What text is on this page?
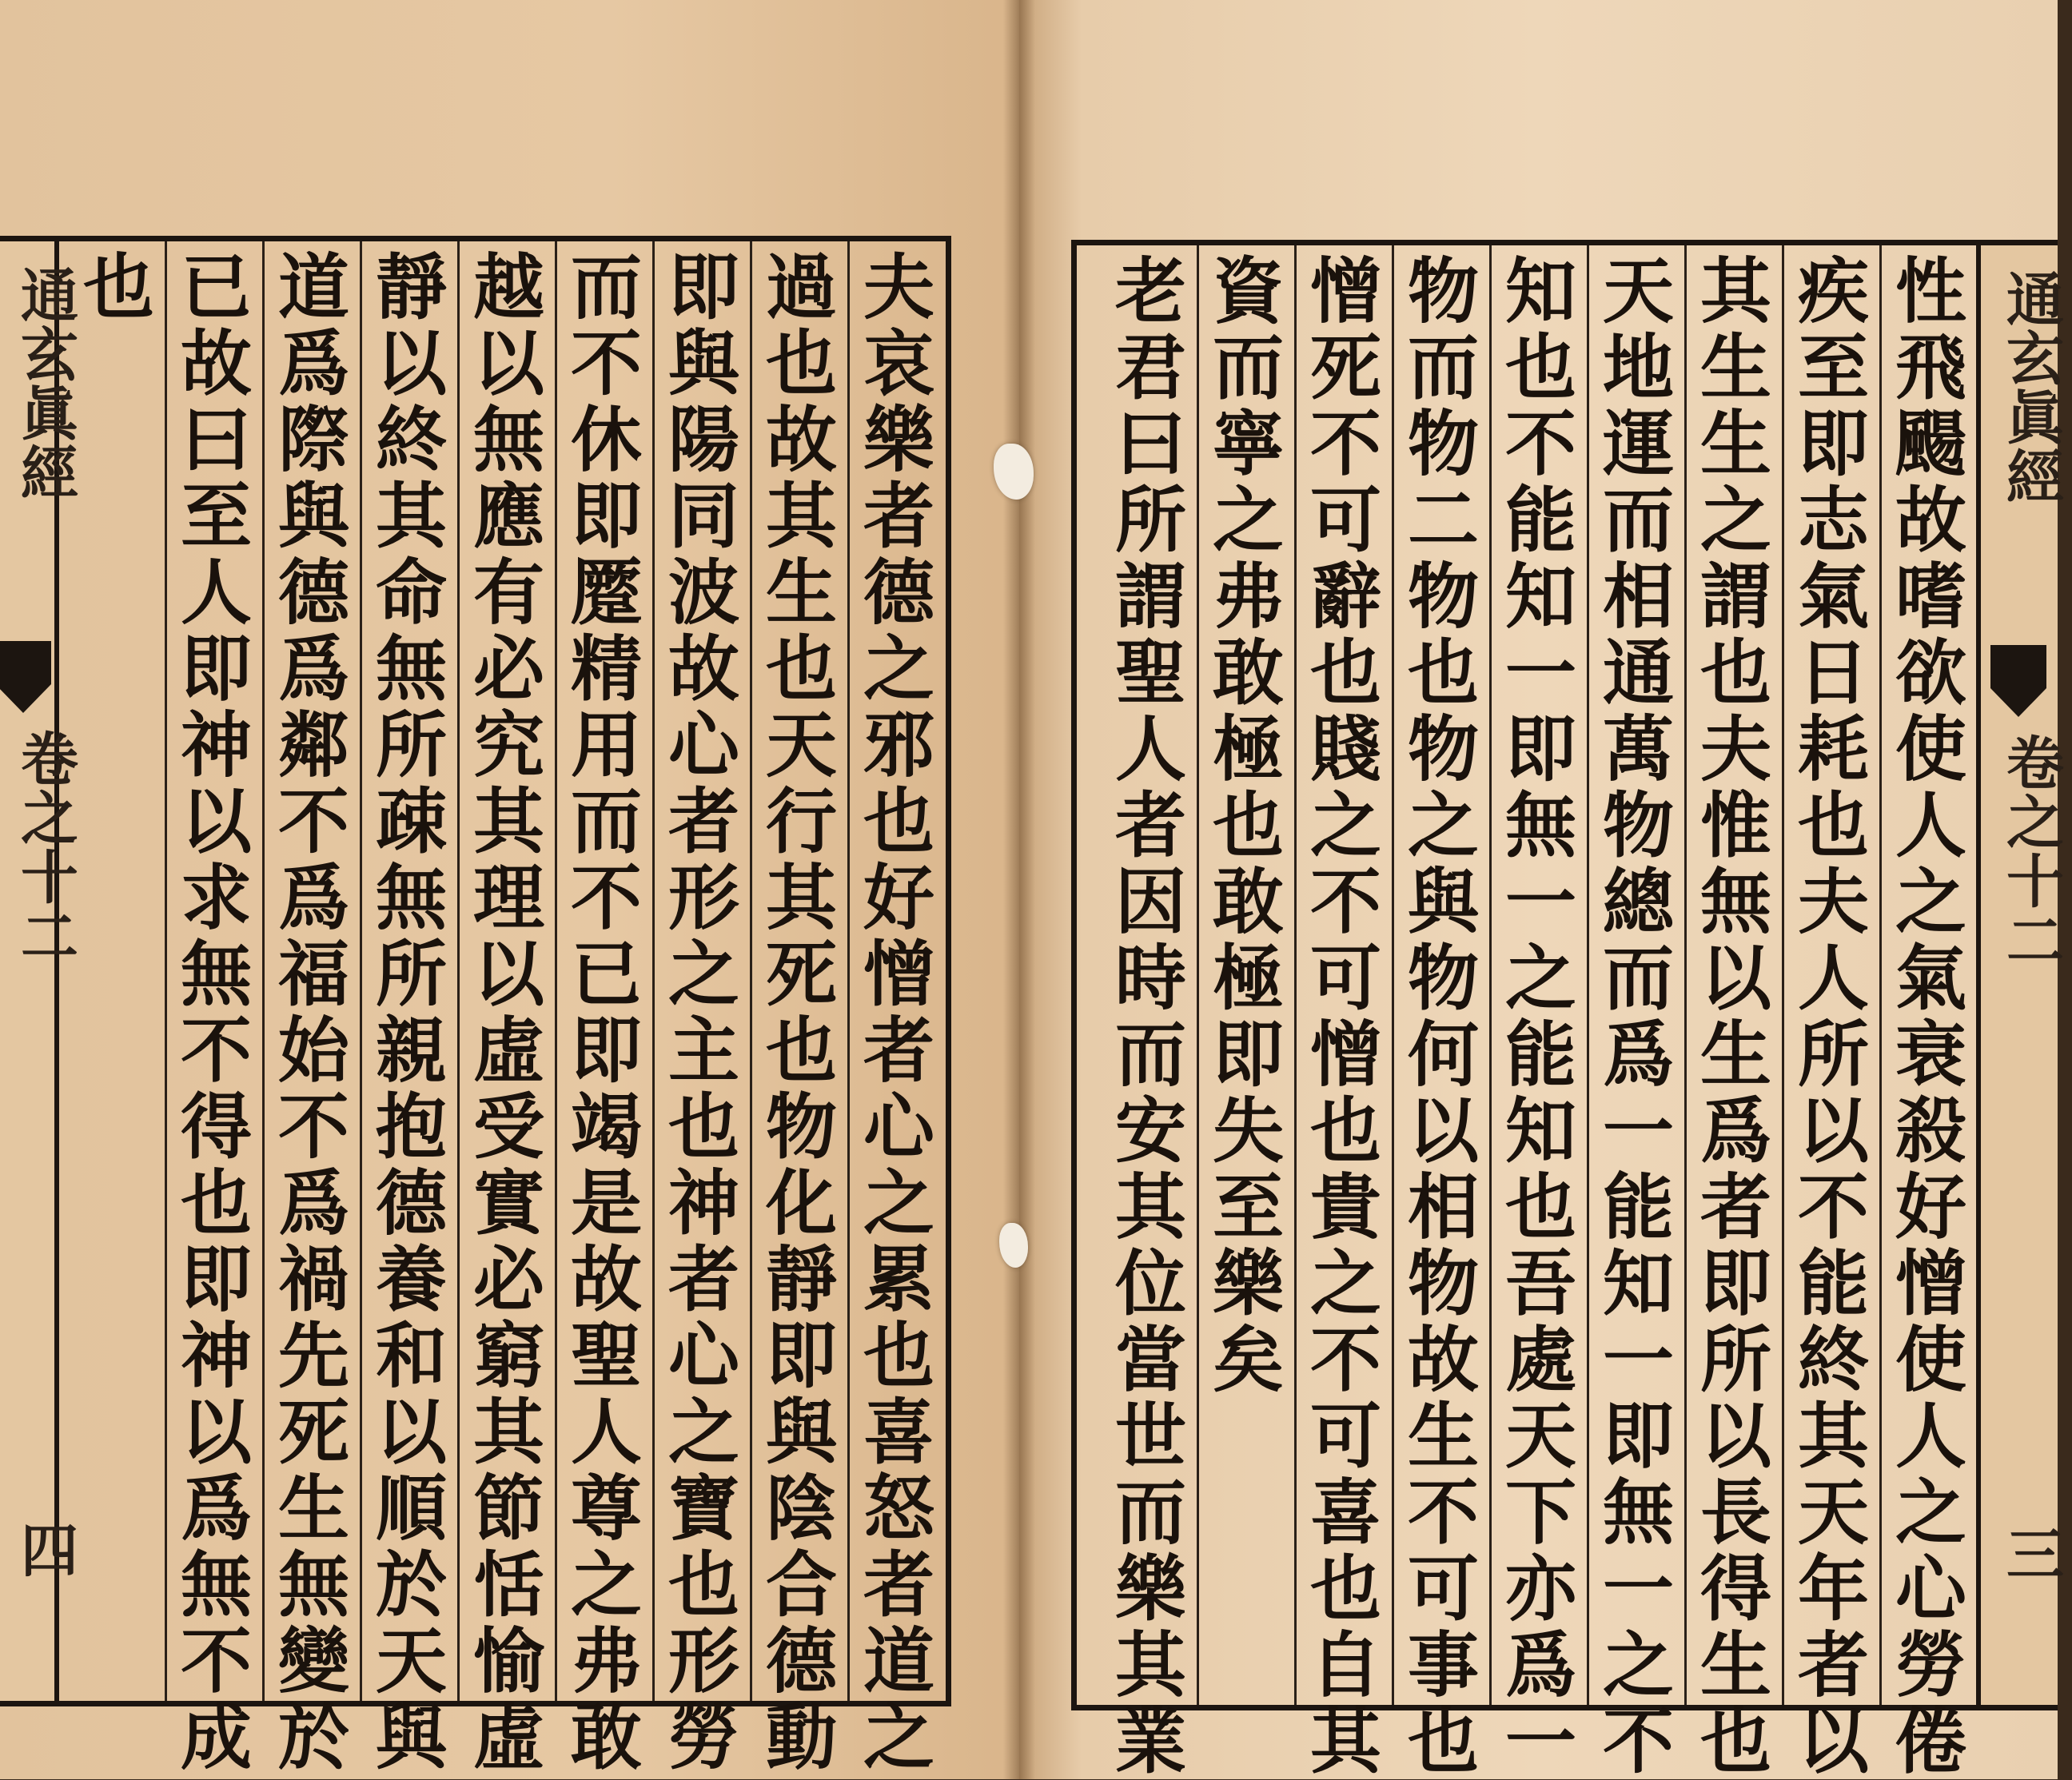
通玄眞經
卷之十二
四	夫哀樂者德之邪也好憎者心之累也喜怒者道之
過也故其生也天行其死也物化靜即與陰合德動
即與陽同波故心者形之主也神者心之寶也形勞
而不休即蹷精用而不已即竭是故聖人尊之弗敢
越以無應有必究其理以虛受實必窮其節恬愉虛
靜以終其命無所疎無所親抱德養和以順於天與
道爲際與德爲鄰不爲福始不爲禍先死生無變於
已故曰至人即神以求無不得也即神以爲無不成
也	通玄眞經
卷之十二
三
性飛颺故嗜欲使人之氣衰殺好憎使人之心勞倦
疾至即志氣日耗也夫人所以不能終其天年者以
其生生之謂也夫惟無以生爲者即所以長得生也
天地運而相通萬物總而爲一能知一即無一之不
知也不能知一即無一之能知也吾處天下亦爲一
物而物二物也物之與物何以相物故生不可事也
憎死不可辭也賤之不可憎也貴之不可喜也自其
資而寧之弗敢極也敢極即失至樂矣
老君曰所謂聖人者因時而安其位當世而樂其業
